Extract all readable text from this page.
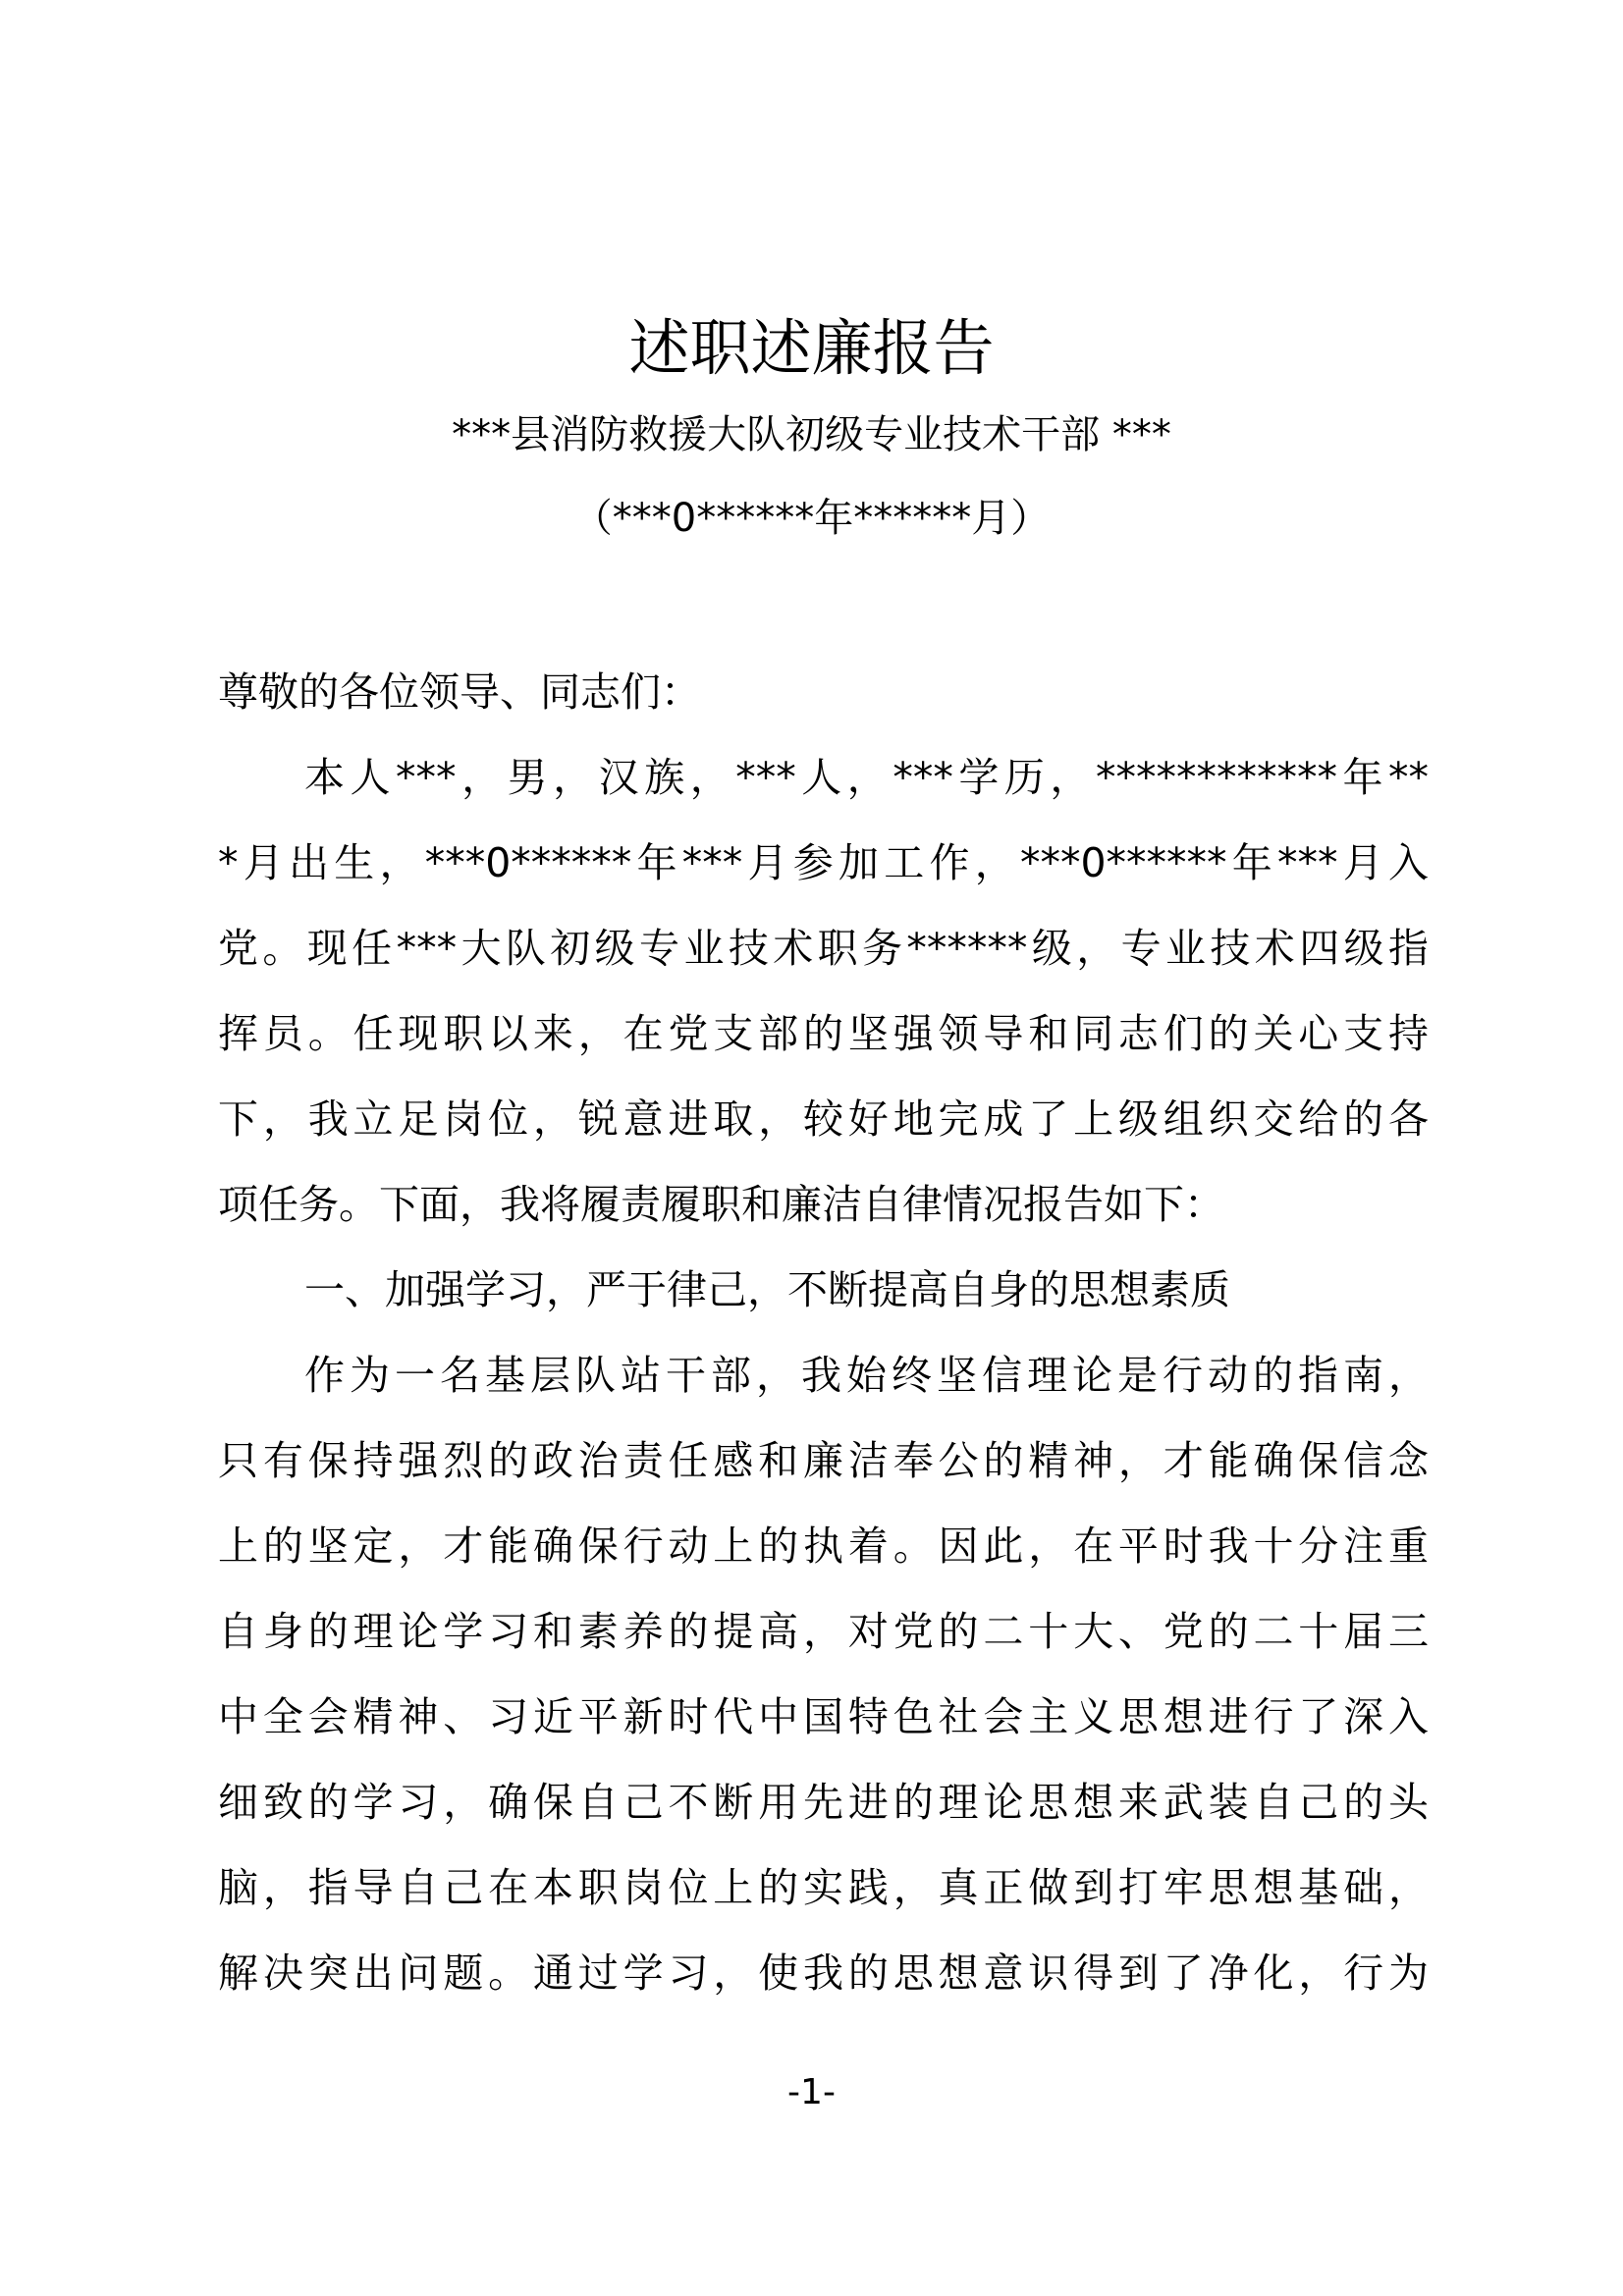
述职述廉报告
***县消防救援大队初级专业技术干部 ***
（***0******年******月）
尊敬的各位领导、同志们：
本人***，男，汉族，***人，***学历，************年**
*月出生，***0******年***月参加工作，***0******年***月入
党。现任***大队初级专业技术职务******级，专业技术四级指
挥员。任现职以来，在党支部的坚强领导和同志们的关心支持
下，我立足岗位，锐意进取，较好地完成了上级组织交给的各
项任务。下面，我将履责履职和廉洁自律情况报告如下：
一、加强学习，严于律己，不断提高自身的思想素质
作为一名基层队站干部，我始终坚信理论是行动的指南，
只有保持强烈的政治责任感和廉洁奉公的精神，才能确保信念
上的坚定，才能确保行动上的执着。因此，在平时我十分注重
自身的理论学习和素养的提高，对党的二十大、党的二十届三
中全会精神、习近平新时代中国特色社会主义思想进行了深入
细致的学习，确保自己不断用先进的理论思想来武装自己的头
脑，指导自己在本职岗位上的实践，真正做到打牢思想基础，
解决突出问题。通过学习，使我的思想意识得到了净化，行为
-1-
